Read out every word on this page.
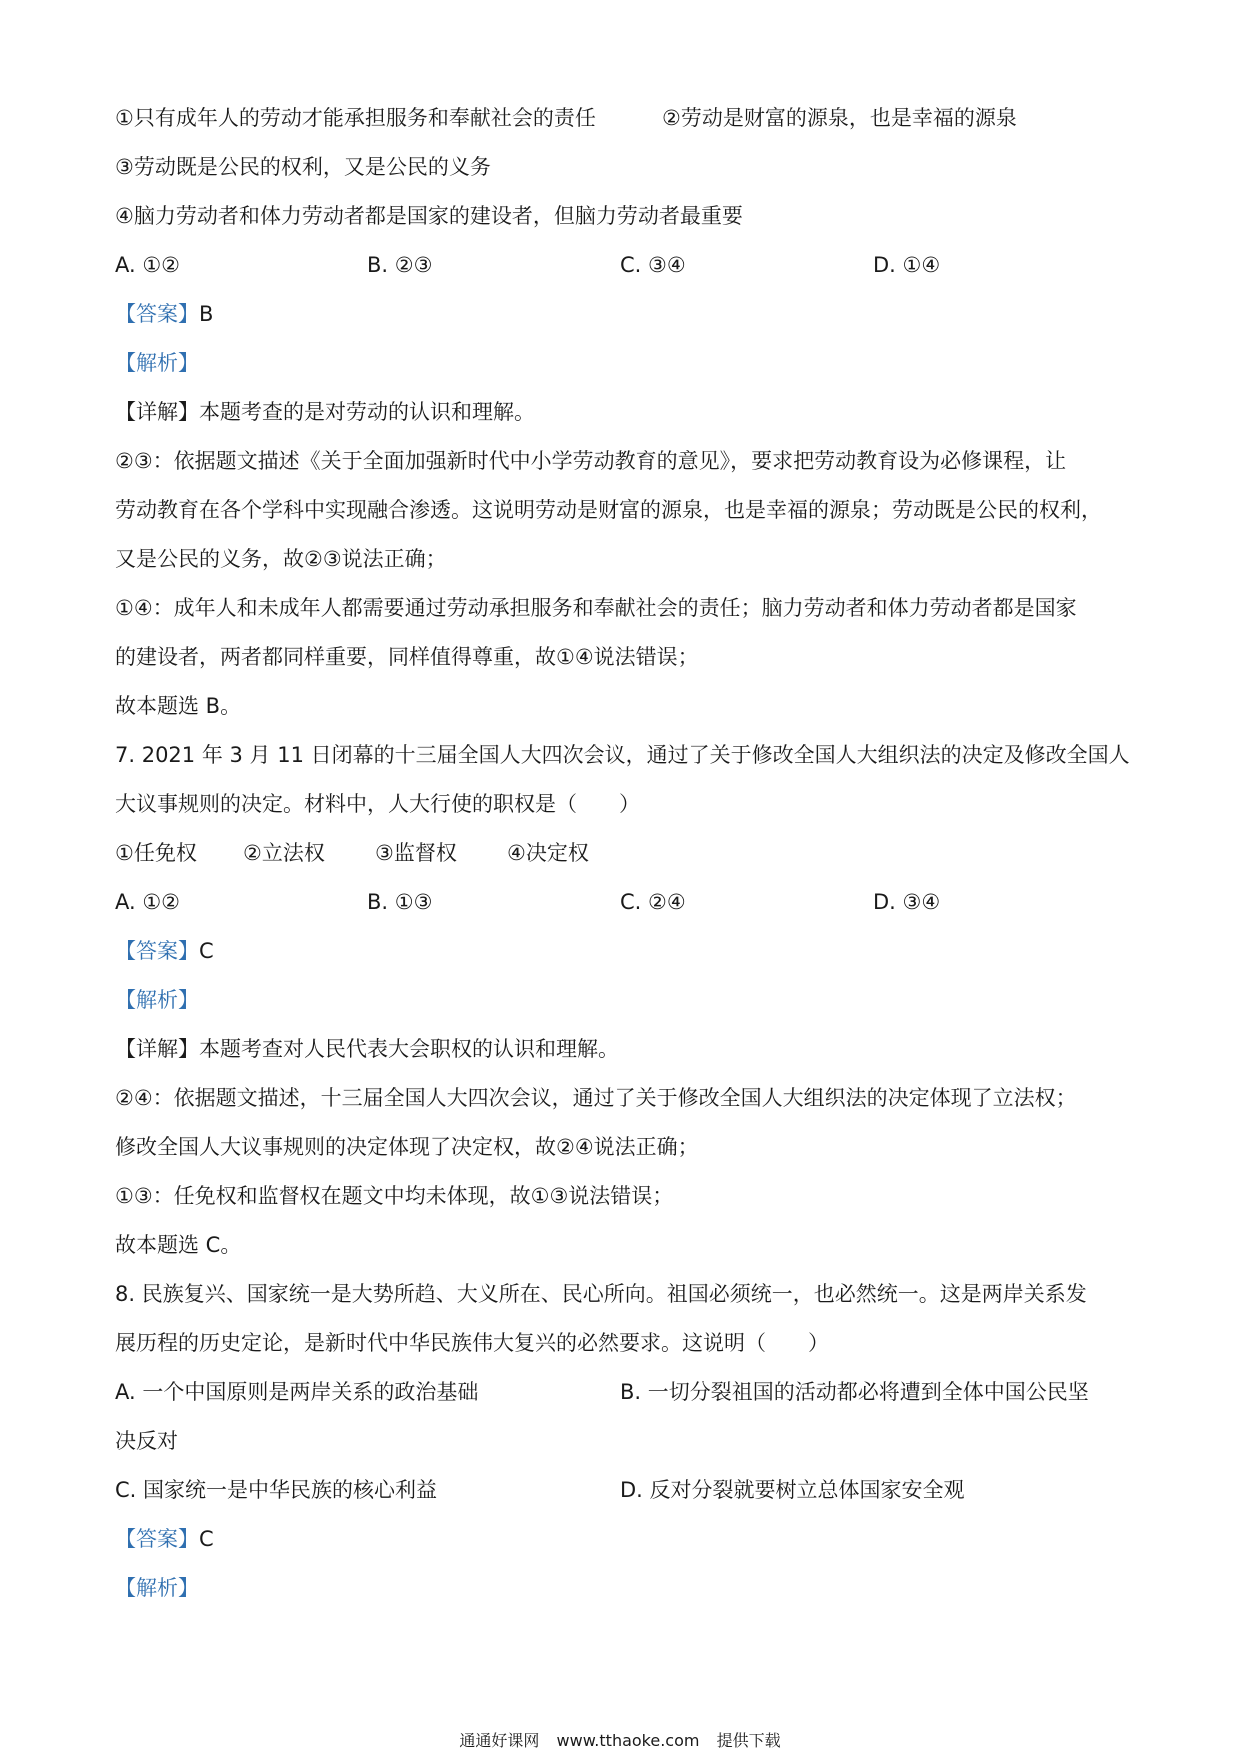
①只有成年人的劳动才能承担服务和奉献社会的责任	②劳动是财富的源泉，也是幸福的源泉
③劳动既是公民的权利，又是公民的义务
④脑力劳动者和体力劳动者都是国家的建设者，但脑力劳动者最重要
A. ①②	B. ②③	C. ③④	D. ①④
【答案】B
【解析】
【详解】本题考查的是对劳动的认识和理解。
②③：依据题文描述《关于全面加强新时代中小学劳动教育的意见》，要求把劳动教育设为必修课程，让
劳动教育在各个学科中实现融合渗透。这说明劳动是财富的源泉，也是幸福的源泉；劳动既是公民的权利，
又是公民的义务，故②③说法正确；
①④：成年人和未成年人都需要通过劳动承担服务和奉献社会的责任；脑力劳动者和体力劳动者都是国家
的建设者，两者都同样重要，同样值得尊重，故①④说法错误；
故本题选 B。
7. 2021 年 3 月 11 日闭幕的十三届全国人大四次会议，通过了关于修改全国人大组织法的决定及修改全国人
大议事规则的决定。材料中，人大行使的职权是（　　）
①任免权 ②立法权 ③监督权 ④决定权
A. ①②	B. ①③	C. ②④	D. ③④
【答案】C
【解析】
【详解】本题考查对人民代表大会职权的认识和理解。
②④：依据题文描述，十三届全国人大四次会议，通过了关于修改全国人大组织法的决定体现了立法权；
修改全国人大议事规则的决定体现了决定权，故②④说法正确；
①③：任免权和监督权在题文中均未体现，故①③说法错误；
故本题选 C。
8. 民族复兴、国家统一是大势所趋、大义所在、民心所向。祖国必须统一，也必然统一。这是两岸关系发
展历程的历史定论，是新时代中华民族伟大复兴的必然要求。这说明（　　）
A. 一个中国原则是两岸关系的政治基础	B. 一切分裂祖国的活动都必将遭到全体中国公民坚
决反对
C. 国家统一是中华民族的核心利益	D. 反对分裂就要树立总体国家安全观
【答案】C
【解析】
通通好课网 www.tthaoke.com 提供下载
